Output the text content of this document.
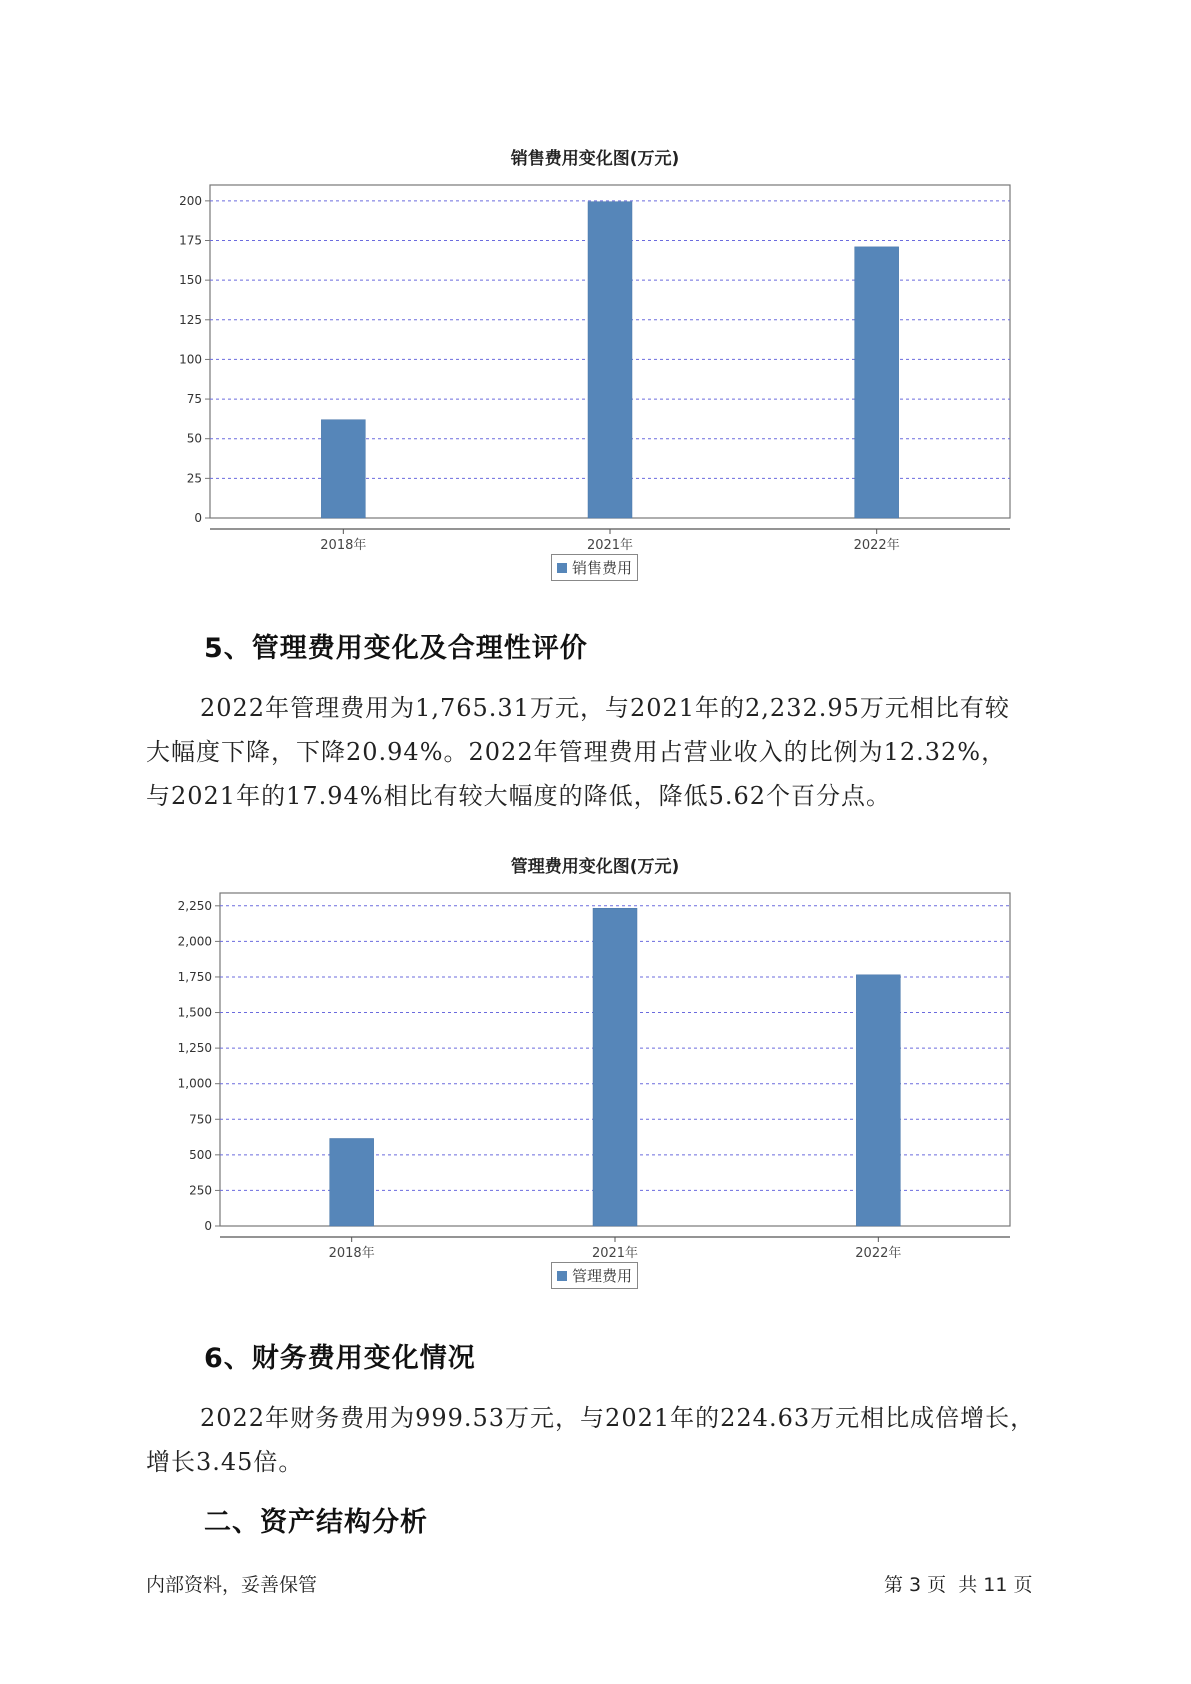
销售费用变化图(万元)
0
25
50
75
100
125
150
175
200
2018年	2021年	2022年
销售费用
5、管理费用变化及合理性评价
2022年管理费用为1,765.31万元，与2021年的2,232.95万元相比有较
大幅度下降，下降20.94%。2022年管理费用占营业收入的比例为12.32%，
与2021年的17.94%相比有较大幅度的降低，降低5.62个百分点。
管理费用变化图(万元)
0
250
500
750
1,000
1,250
1,500
1,750
2,000
2,250
2018年	2021年	2022年
管理费用
6、财务费用变化情况
2022年财务费用为999.53万元，与2021年的224.63万元相比成倍增长，
增长3.45倍。
二、资产结构分析
内部资料，妥善保管	第 3 页  共 11 页
